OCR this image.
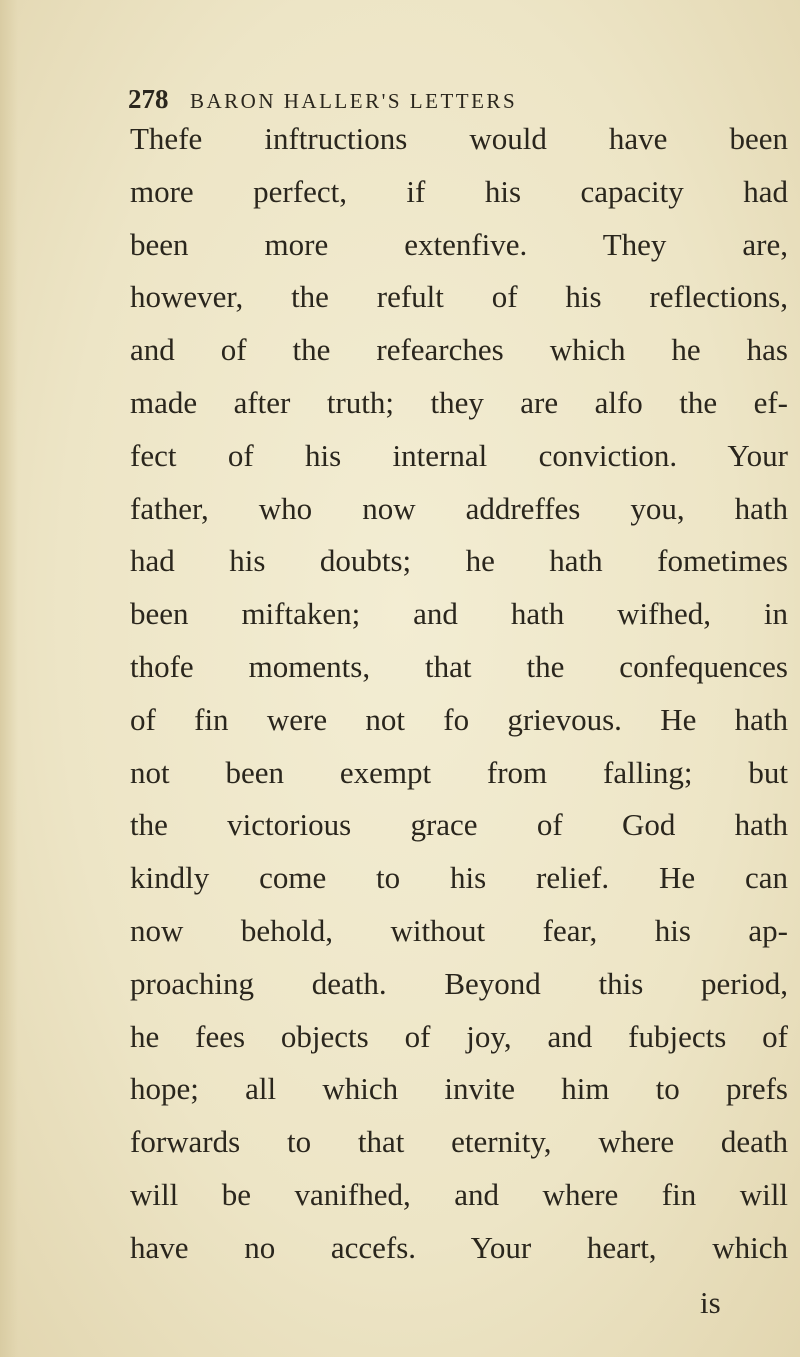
278 BARON HALLER'S LETTERS
Thefe inftructions would have been
more perfect, if his capacity had
been more extenfive. They are,
however, the refult of his reflections,
and of the refearches which he has
made after truth; they are alfo the ef-
fect of his internal conviction. Your
father, who now addreffes you, hath
had his doubts; he hath fometimes
been miftaken; and hath wifhed, in
thofe moments, that the confequences
of fin were not fo grievous. He hath
not been exempt from falling; but
the victorious grace of God hath
kindly come to his relief. He can
now behold, without fear, his ap-
proaching death. Beyond this period,
he fees objects of joy, and fubjects of
hope; all which invite him to prefs
forwards to that eternity, where death
will be vanifhed, and where fin will
have no accefs. Your heart, which
is
